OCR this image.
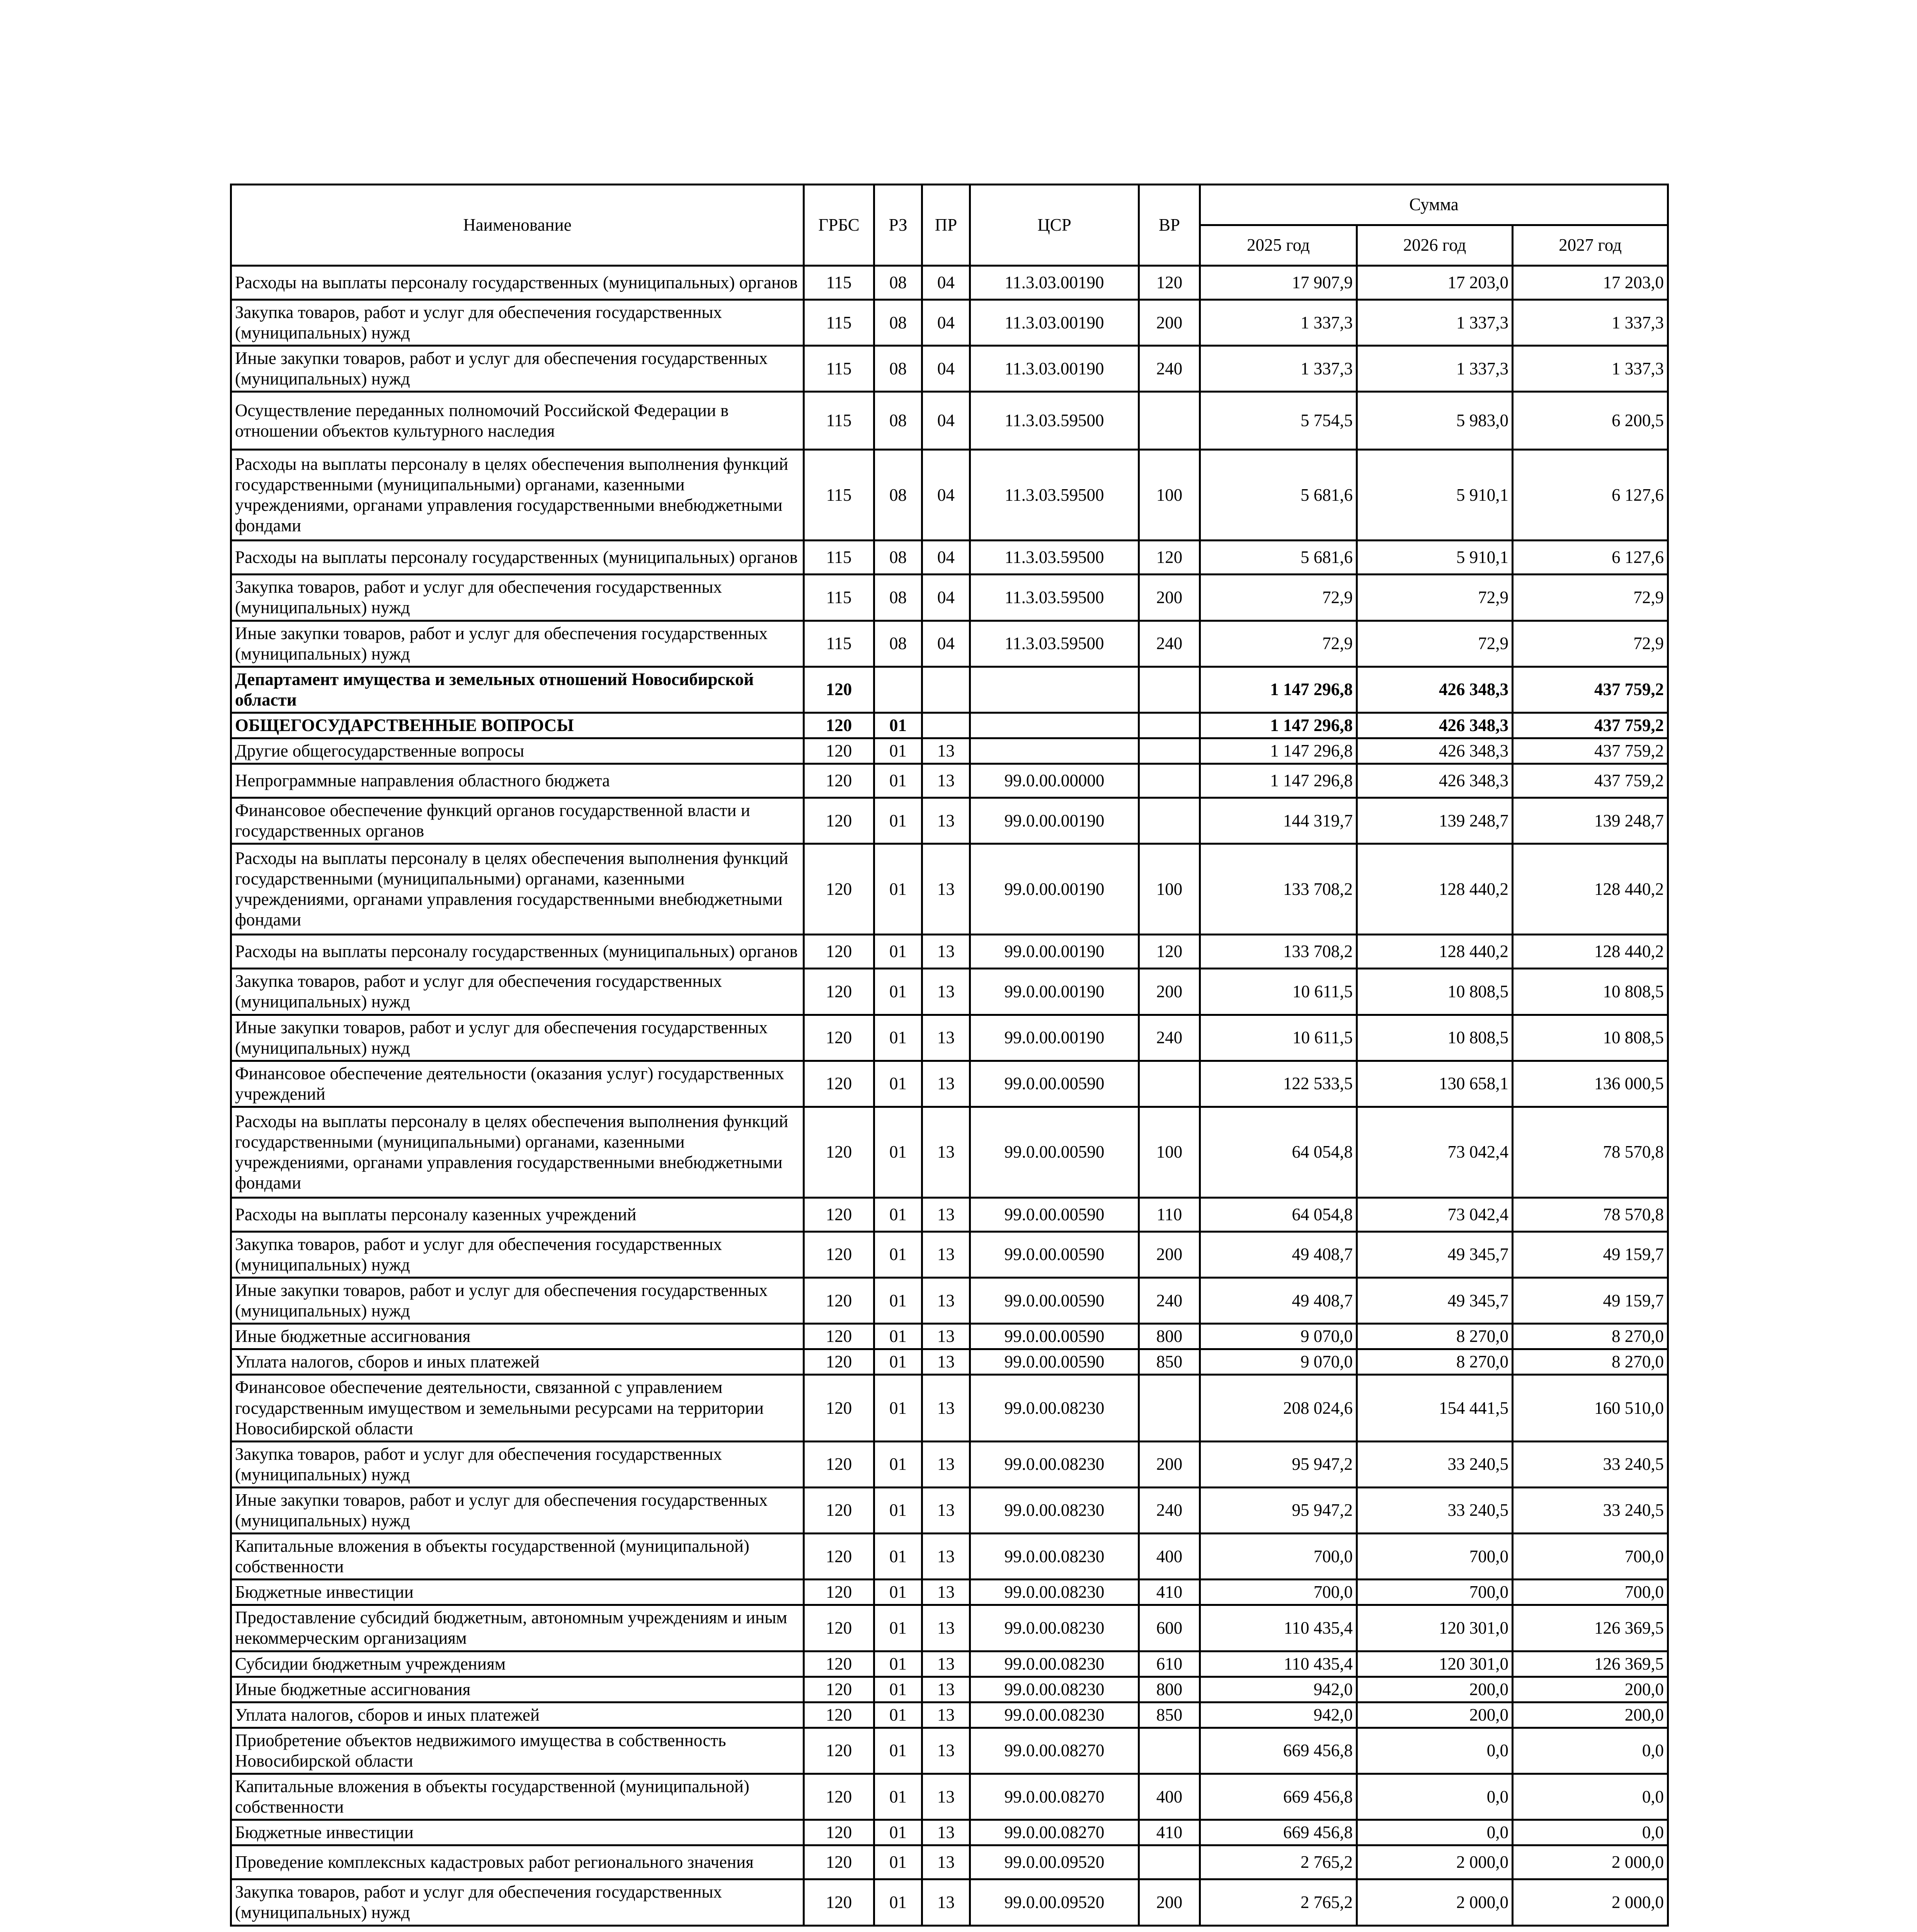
Наименование	ГРБС	РЗ	ПР	ЦСР	ВР	Сумма		
						2025 год	2026 год	2027 год
Расходы на выплаты персоналу государственных (муниципальных) органов	115	08	04	11.3.03.00190	120	17 907,9	17 203,0	17 203,0
Закупка товаров, работ и услуг для обеспечения государственных (муниципальных) нужд	115	08	04	11.3.03.00190	200	1 337,3	1 337,3	1 337,3
Иные закупки товаров, работ и услуг для обеспечения государственных (муниципальных) нужд	115	08	04	11.3.03.00190	240	1 337,3	1 337,3	1 337,3
Осуществление переданных полномочий Российской Федерации в отношении объектов культурного наследия	115	08	04	11.3.03.59500		5 754,5	5 983,0	6 200,5
Расходы на выплаты персоналу в целях обеспечения выполнения функций государственными (муниципальными) органами, казенными учреждениями, органами управления государственными внебюджетными фондами	115	08	04	11.3.03.59500	100	5 681,6	5 910,1	6 127,6
Расходы на выплаты персоналу государственных (муниципальных) органов	115	08	04	11.3.03.59500	120	5 681,6	5 910,1	6 127,6
Закупка товаров, работ и услуг для обеспечения государственных (муниципальных) нужд	115	08	04	11.3.03.59500	200	72,9	72,9	72,9
Иные закупки товаров, работ и услуг для обеспечения государственных (муниципальных) нужд	115	08	04	11.3.03.59500	240	72,9	72,9	72,9
Департамент имущества и земельных отношений Новосибирской области	120					1 147 296,8	426 348,3	437 759,2
ОБЩЕГОСУДАРСТВЕННЫЕ ВОПРОСЫ	120	01				1 147 296,8	426 348,3	437 759,2
Другие общегосударственные вопросы	120	01	13			1 147 296,8	426 348,3	437 759,2
Непрограммные направления областного бюджета	120	01	13	99.0.00.00000		1 147 296,8	426 348,3	437 759,2
Финансовое обеспечение функций органов государственной власти и государственных органов	120	01	13	99.0.00.00190		144 319,7	139 248,7	139 248,7
Расходы на выплаты персоналу в целях обеспечения выполнения функций государственными (муниципальными) органами, казенными учреждениями, органами управления государственными внебюджетными фондами	120	01	13	99.0.00.00190	100	133 708,2	128 440,2	128 440,2
Расходы на выплаты персоналу государственных (муниципальных) органов	120	01	13	99.0.00.00190	120	133 708,2	128 440,2	128 440,2
Закупка товаров, работ и услуг для обеспечения государственных (муниципальных) нужд	120	01	13	99.0.00.00190	200	10 611,5	10 808,5	10 808,5
Иные закупки товаров, работ и услуг для обеспечения государственных (муниципальных) нужд	120	01	13	99.0.00.00190	240	10 611,5	10 808,5	10 808,5
Финансовое обеспечение деятельности (оказания услуг) государственных учреждений	120	01	13	99.0.00.00590		122 533,5	130 658,1	136 000,5
Расходы на выплаты персоналу в целях обеспечения выполнения функций государственными (муниципальными) органами, казенными учреждениями, органами управления государственными внебюджетными фондами	120	01	13	99.0.00.00590	100	64 054,8	73 042,4	78 570,8
Расходы на выплаты персоналу казенных учреждений	120	01	13	99.0.00.00590	110	64 054,8	73 042,4	78 570,8
Закупка товаров, работ и услуг для обеспечения государственных (муниципальных) нужд	120	01	13	99.0.00.00590	200	49 408,7	49 345,7	49 159,7
Иные закупки товаров, работ и услуг для обеспечения государственных (муниципальных) нужд	120	01	13	99.0.00.00590	240	49 408,7	49 345,7	49 159,7
Иные бюджетные ассигнования	120	01	13	99.0.00.00590	800	9 070,0	8 270,0	8 270,0
Уплата налогов, сборов и иных платежей	120	01	13	99.0.00.00590	850	9 070,0	8 270,0	8 270,0
Финансовое обеспечение деятельности, связанной с управлением государственным имуществом и земельными ресурсами на территории Новосибирской области	120	01	13	99.0.00.08230		208 024,6	154 441,5	160 510,0
Закупка товаров, работ и услуг для обеспечения государственных (муниципальных) нужд	120	01	13	99.0.00.08230	200	95 947,2	33 240,5	33 240,5
Иные закупки товаров, работ и услуг для обеспечения государственных (муниципальных) нужд	120	01	13	99.0.00.08230	240	95 947,2	33 240,5	33 240,5
Капитальные вложения в объекты государственной (муниципальной) собственности	120	01	13	99.0.00.08230	400	700,0	700,0	700,0
Бюджетные инвестиции	120	01	13	99.0.00.08230	410	700,0	700,0	700,0
Предоставление субсидий бюджетным, автономным учреждениям и иным некоммерческим организациям	120	01	13	99.0.00.08230	600	110 435,4	120 301,0	126 369,5
Субсидии бюджетным учреждениям	120	01	13	99.0.00.08230	610	110 435,4	120 301,0	126 369,5
Иные бюджетные ассигнования	120	01	13	99.0.00.08230	800	942,0	200,0	200,0
Уплата налогов, сборов и иных платежей	120	01	13	99.0.00.08230	850	942,0	200,0	200,0
Приобретение объектов недвижимого имущества в собственность Новосибирской области	120	01	13	99.0.00.08270		669 456,8	0,0	0,0
Капитальные вложения в объекты государственной (муниципальной) собственности	120	01	13	99.0.00.08270	400	669 456,8	0,0	0,0
Бюджетные инвестиции	120	01	13	99.0.00.08270	410	669 456,8	0,0	0,0
Проведение комплексных кадастровых работ регионального значения	120	01	13	99.0.00.09520		2 765,2	2 000,0	2 000,0
Закупка товаров, работ и услуг для обеспечения государственных (муниципальных) нужд	120	01	13	99.0.00.09520	200	2 765,2	2 000,0	2 000,0
